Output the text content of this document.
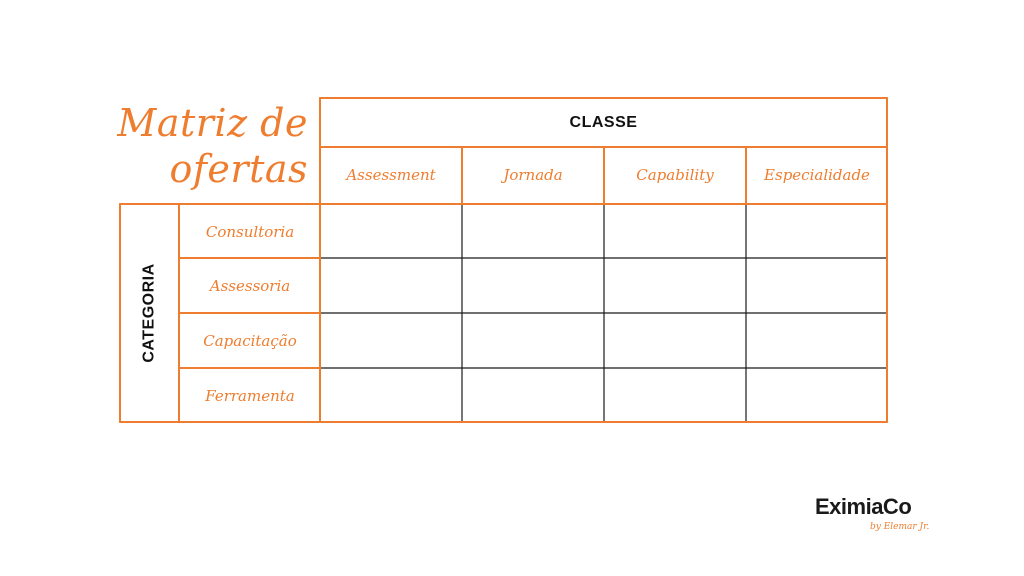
Matriz de
ofertas
CLASSE
Assessment	Jornada	Capability	Especialidade
CATEGORIA
Consultoria
Assessoria
Capacitação
Ferramenta
EximiaCo
by Elemar Jr.
